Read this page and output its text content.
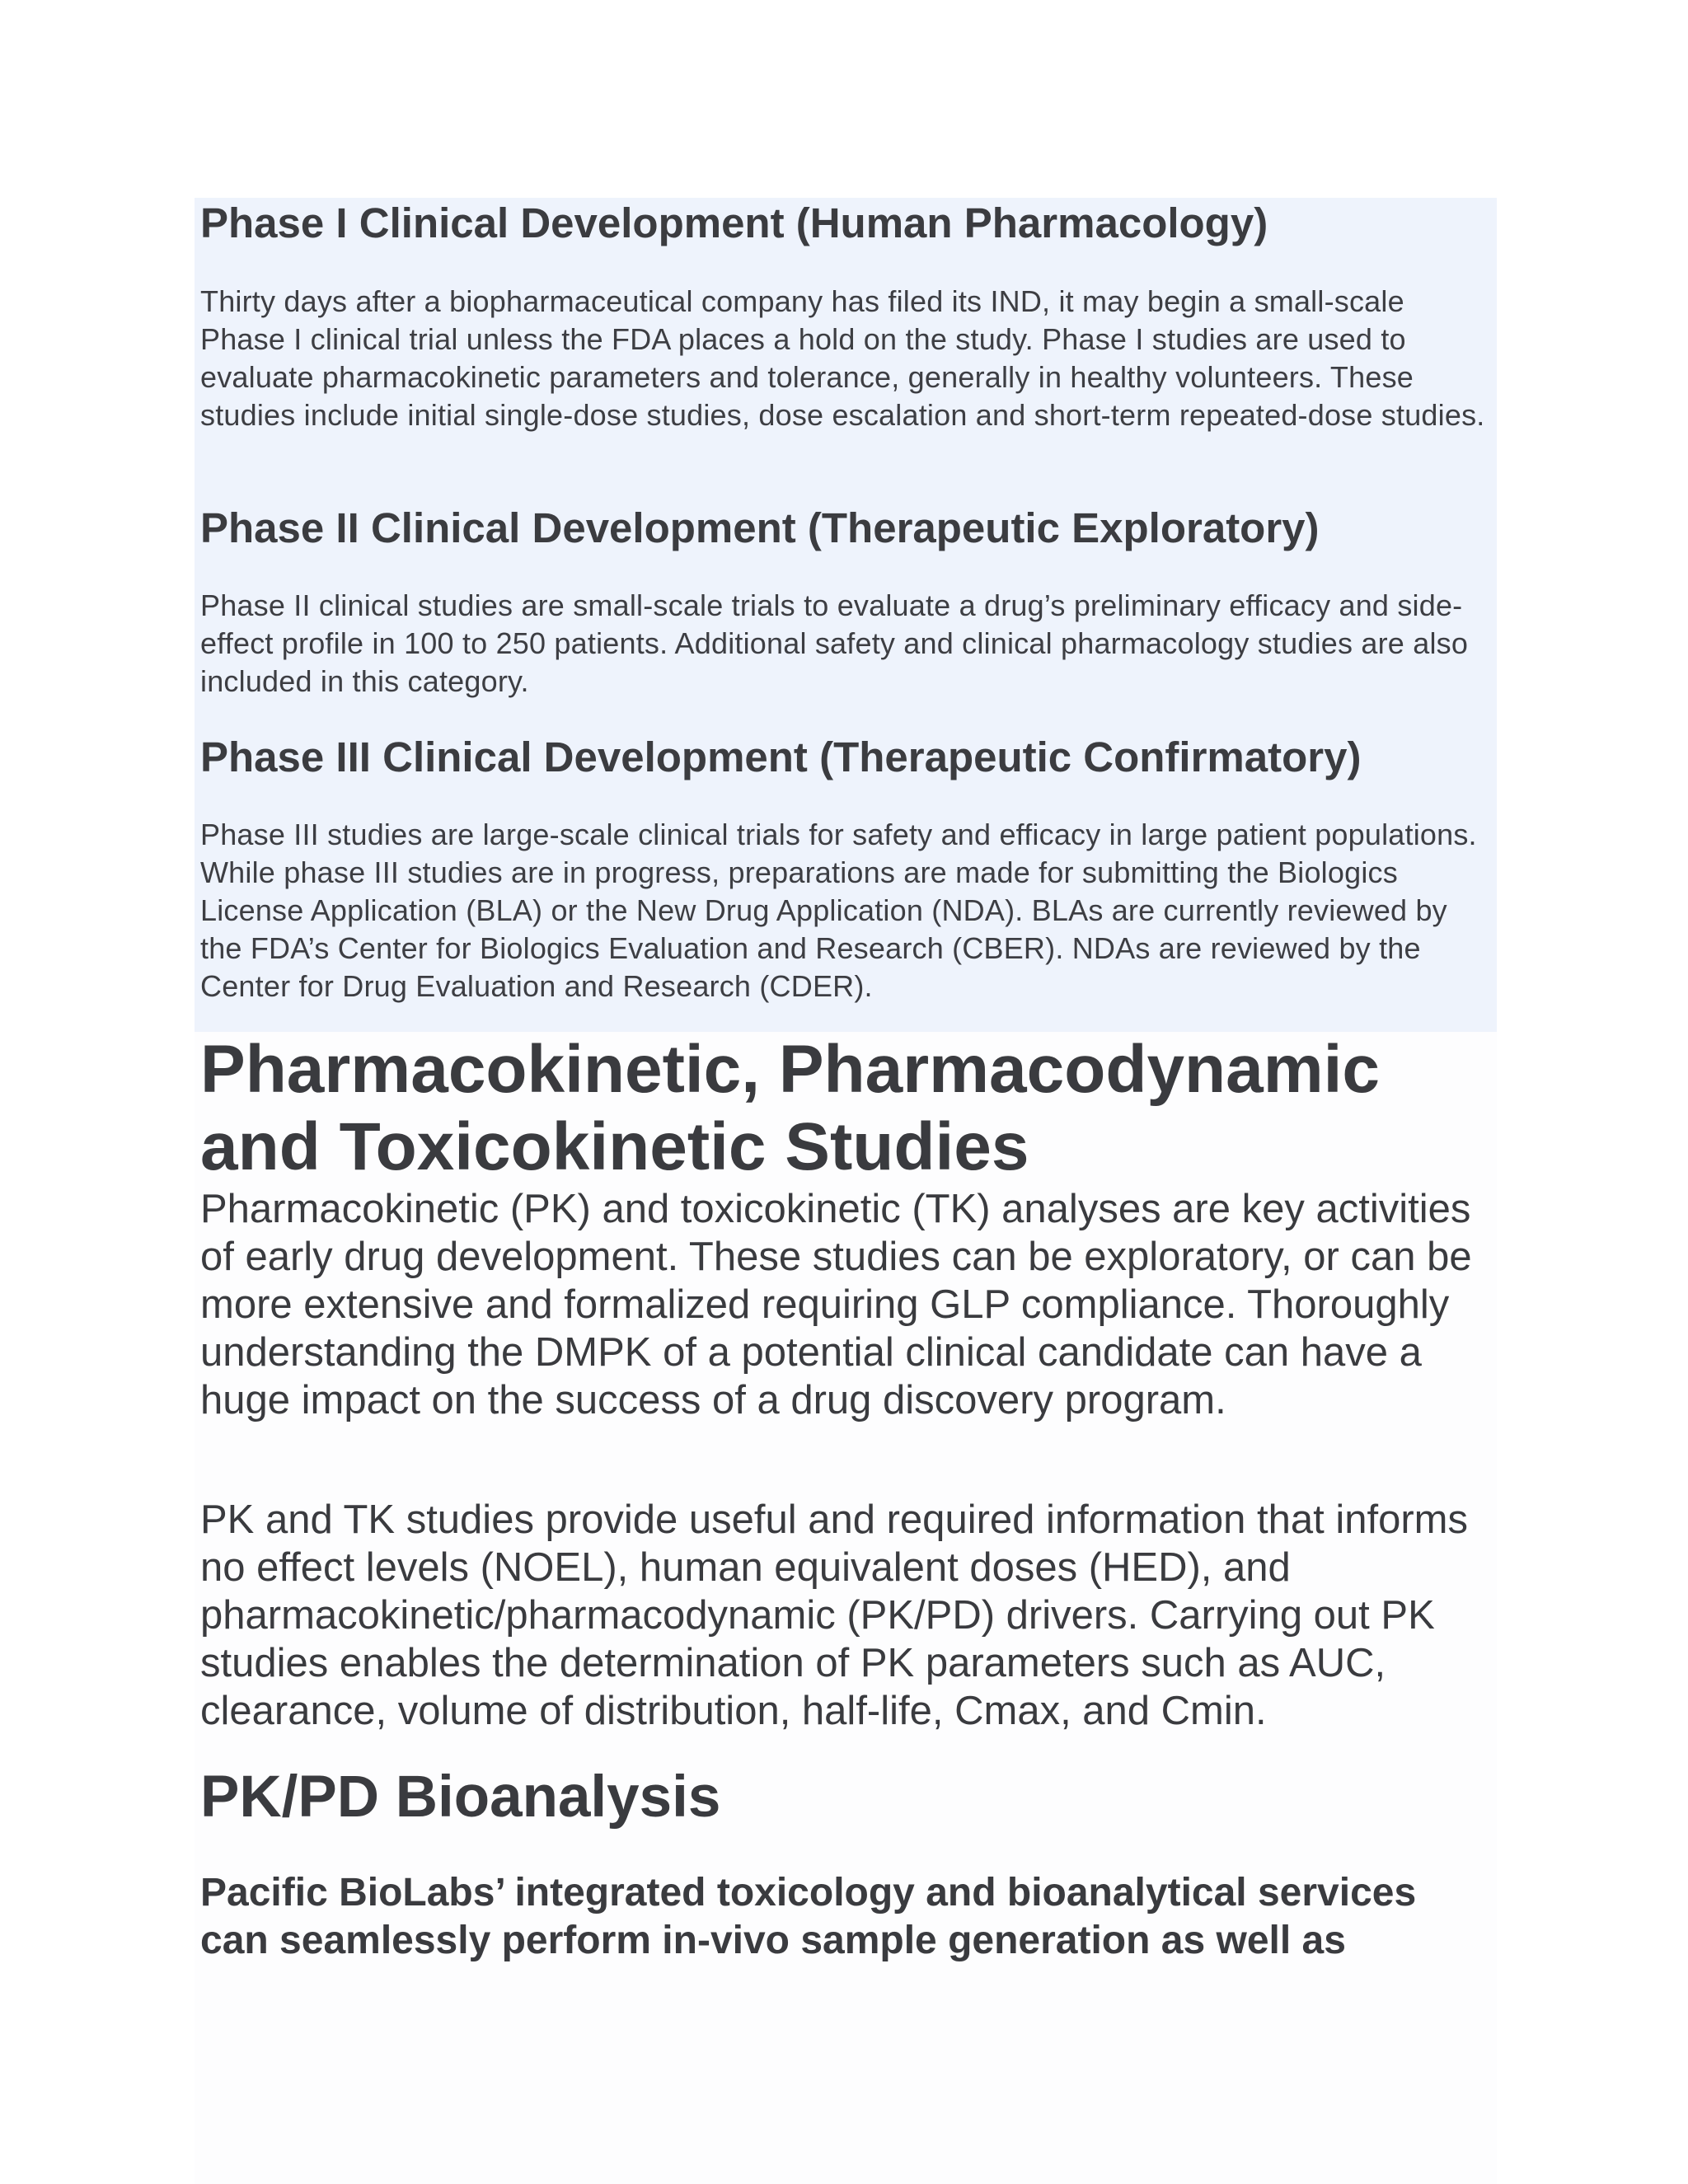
Phase I Clinical Development (Human Pharmacology)

Thirty days after a biopharmaceutical company has filed its IND, it may begin a small-scale Phase I clinical trial unless the FDA places a hold on the study. Phase I studies are used to evaluate pharmacokinetic parameters and tolerance, generally in healthy volunteers. These studies include initial single-dose studies, dose escalation and short-term repeated-dose studies.

Phase II Clinical Development (Therapeutic Exploratory)

Phase II clinical studies are small-scale trials to evaluate a drug’s preliminary efficacy and side-effect profile in 100 to 250 patients. Additional safety and clinical pharmacology studies are also included in this category.

Phase III Clinical Development (Therapeutic Confirmatory)

Phase III studies are large-scale clinical trials for safety and efficacy in large patient populations. While phase III studies are in progress, preparations are made for submitting the Biologics License Application (BLA) or the New Drug Application (NDA). BLAs are currently reviewed by the FDA’s Center for Biologics Evaluation and Research (CBER). NDAs are reviewed by the Center for Drug Evaluation and Research (CDER).

Pharmacokinetic, Pharmacodynamic and Toxicokinetic Studies

Pharmacokinetic (PK) and toxicokinetic (TK) analyses are key activities of early drug development. These studies can be exploratory, or can be more extensive and formalized requiring GLP compliance. Thoroughly understanding the DMPK of a potential clinical candidate can have a huge impact on the success of a drug discovery program.

PK and TK studies provide useful and required information that informs no effect levels (NOEL), human equivalent doses (HED), and pharmacokinetic/pharmacodynamic (PK/PD) drivers. Carrying out PK studies enables the determination of PK parameters such as AUC, clearance, volume of distribution, half-life, Cmax, and Cmin.

PK/PD Bioanalysis

Pacific BioLabs’ integrated toxicology and bioanalytical services can seamlessly perform in-vivo sample generation as well as
